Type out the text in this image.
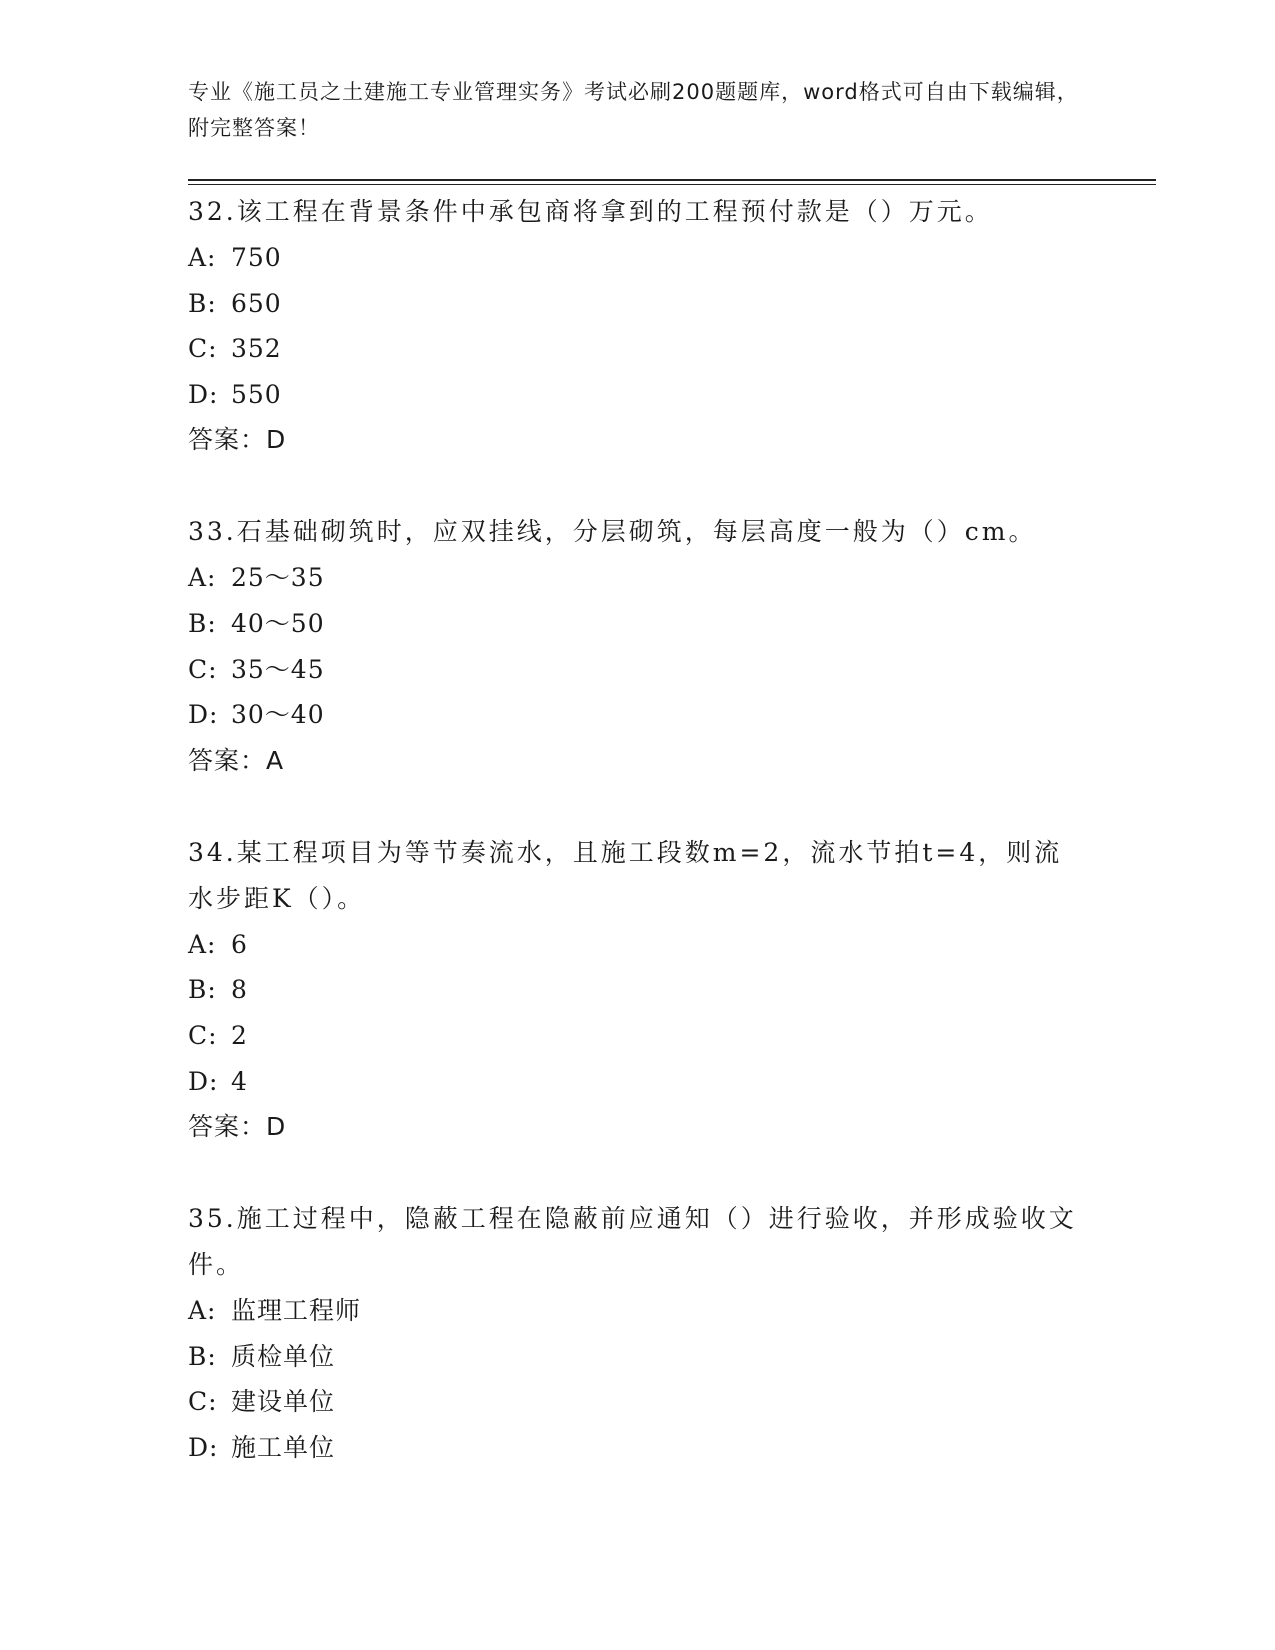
专业《施工员之土建施工专业管理实务》考试必刷200题题库，word格式可自由下载编辑，附完整答案！
32.该工程在背景条件中承包商将拿到的工程预付款是（）万元。
A: 750
B: 650
C: 352
D: 550
答案：D
33.石基础砌筑时，应双挂线，分层砌筑，每层高度一般为（）cm。
A: 25～35
B: 40～50
C: 35～45
D: 30～40
答案：A
34.某工程项目为等节奏流水，且施工段数m=2，流水节拍t=4，则流水步距K（）。
A: 6
B: 8
C: 2
D: 4
答案：D
35.施工过程中，隐蔽工程在隐蔽前应通知（）进行验收，并形成验收文件。
A: 监理工程师
B: 质检单位
C: 建设单位
D: 施工单位
